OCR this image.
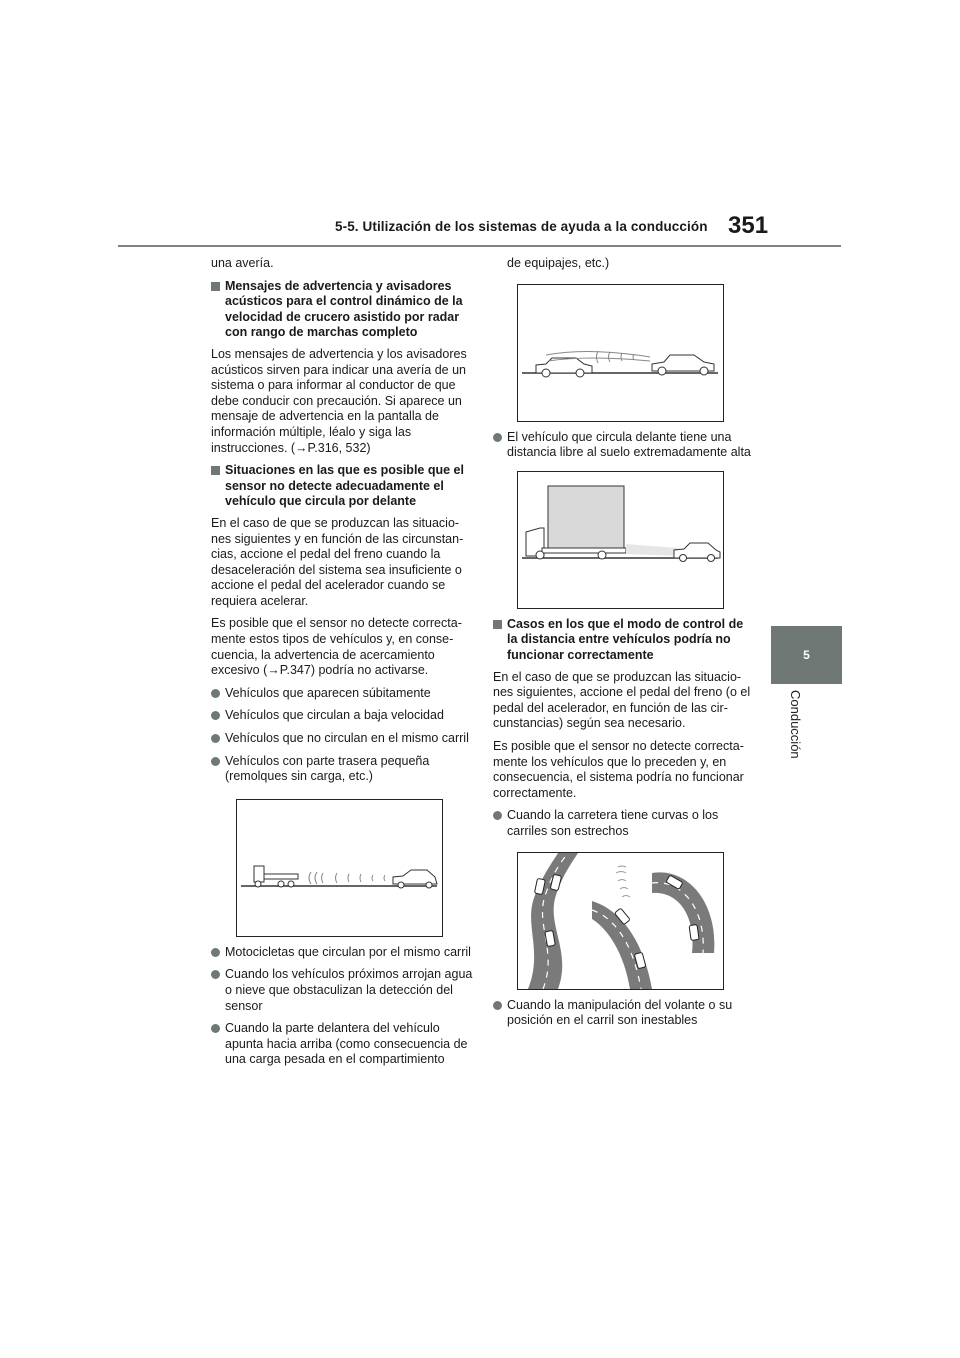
5-5. Utilización de los sistemas de ayuda a la conducción 351
5
Conducción

una avería.

Mensajes de advertencia y avisadores acústicos para el control dinámico de la velocidad de crucero asistido por radar con rango de marchas completo

Los mensajes de advertencia y los avisadores acústicos sirven para indicar una avería de un sistema o para informar al conductor de que debe conducir con precaución. Si aparece un mensaje de advertencia en la pantalla de información múltiple, léalo y siga las instrucciones. (→P.316, 532)

Situaciones en las que es posible que el sensor no detecte adecuadamente el vehículo que circula por delante

En el caso de que se produzcan las situaciones siguientes y en función de las circunstancias, accione el pedal del freno cuando la desaceleración del sistema sea insuficiente o accione el pedal del acelerador cuando se requiera acelerar.

Es posible que el sensor no detecte correctamente estos tipos de vehículos y, en consecuencia, la advertencia de acercamiento excesivo (→P.347) podría no activarse.

Vehículos que aparecen súbitamente
Vehículos que circulan a baja velocidad
Vehículos que no circulan en el mismo carril
Vehículos con parte trasera pequeña (remolques sin carga, etc.)
Motocicletas que circulan por el mismo carril
Cuando los vehículos próximos arrojan agua o nieve que obstaculizan la detección del sensor
Cuando la parte delantera del vehículo apunta hacia arriba (como consecuencia de una carga pesada en el compartimiento

de equipajes, etc.)

El vehículo que circula delante tiene una distancia libre al suelo extremadamente alta
Casos en los que el modo de control de la distancia entre vehículos podría no funcionar correctamente

En el caso de que se produzcan las situaciones siguientes, accione el pedal del freno (o el pedal del acelerador, en función de las circunstancias) según sea necesario.

Es posible que el sensor no detecte correctamente los vehículos que lo preceden y, en consecuencia, el sistema podría no funcionar correctamente.

Cuando la carretera tiene curvas o los carriles son estrechos
Cuando la manipulación del volante o su posición en el carril son inestables
